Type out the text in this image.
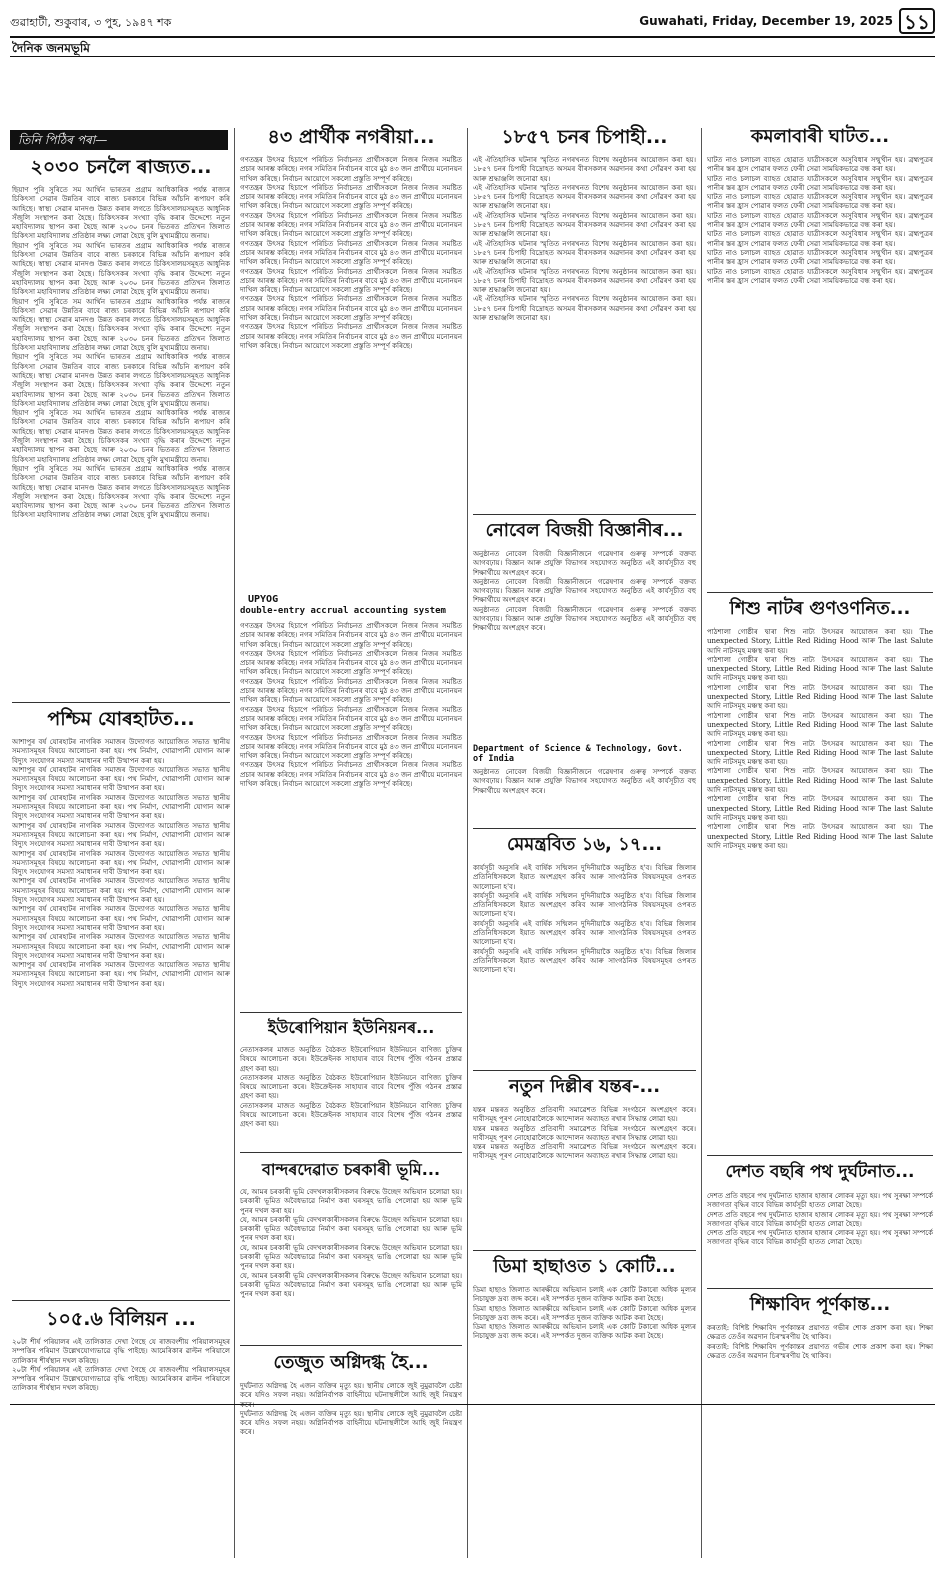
গুৱাহাটী, শুকুবাৰ, ৩ পুহ, ১৯৪৭ শক	Guwahati, Friday, December 19, 2025 ১১
দৈনিক জনমভূমি
তিনি পিঠিৰ পৰা—
২০৩০ চনলৈ ৰাজ্যত...
ছিয়াণ পুৰি সুৰিতে সম আৰ্থিন ভাৰতৰ প্ৰগ্ৰাম আধিকাৰিক পৰ্যন্ত ৰাজ্যৰ চিকিৎসা সেৱাৰ উন্নতিৰ বাবে ৰাজ্য চৰকাৰে বিভিন্ন আঁচনি ৰূপায়ণ কৰি আহিছে। স্বাস্থ্য সেৱাৰ মানদণ্ড উন্নত কৰাৰ লগতে চিকিৎসালয়সমূহত আধুনিক সঁজুলি সংস্থাপন কৰা হৈছে। চিকিৎসকৰ সংখ্যা বৃদ্ধি কৰাৰ উদ্দেশ্যে নতুন মহাবিদ্যালয় স্থাপন কৰা হৈছে আৰু ২০৩০ চনৰ ভিতৰত প্ৰতিখন জিলাত চিকিৎসা মহাবিদ্যালয় প্ৰতিষ্ঠাৰ লক্ষ্য লোৱা হৈছে বুলি মুখ্যমন্ত্ৰীয়ে জনায়।
ছিয়াণ পুৰি সুৰিতে সম আৰ্থিন ভাৰতৰ প্ৰগ্ৰাম আধিকাৰিক পৰ্যন্ত ৰাজ্যৰ চিকিৎসা সেৱাৰ উন্নতিৰ বাবে ৰাজ্য চৰকাৰে বিভিন্ন আঁচনি ৰূপায়ণ কৰি আহিছে। স্বাস্থ্য সেৱাৰ মানদণ্ড উন্নত কৰাৰ লগতে চিকিৎসালয়সমূহত আধুনিক সঁজুলি সংস্থাপন কৰা হৈছে। চিকিৎসকৰ সংখ্যা বৃদ্ধি কৰাৰ উদ্দেশ্যে নতুন মহাবিদ্যালয় স্থাপন কৰা হৈছে আৰু ২০৩০ চনৰ ভিতৰত প্ৰতিখন জিলাত চিকিৎসা মহাবিদ্যালয় প্ৰতিষ্ঠাৰ লক্ষ্য লোৱা হৈছে বুলি মুখ্যমন্ত্ৰীয়ে জনায়।
ছিয়াণ পুৰি সুৰিতে সম আৰ্থিন ভাৰতৰ প্ৰগ্ৰাম আধিকাৰিক পৰ্যন্ত ৰাজ্যৰ চিকিৎসা সেৱাৰ উন্নতিৰ বাবে ৰাজ্য চৰকাৰে বিভিন্ন আঁচনি ৰূপায়ণ কৰি আহিছে। স্বাস্থ্য সেৱাৰ মানদণ্ড উন্নত কৰাৰ লগতে চিকিৎসালয়সমূহত আধুনিক সঁজুলি সংস্থাপন কৰা হৈছে। চিকিৎসকৰ সংখ্যা বৃদ্ধি কৰাৰ উদ্দেশ্যে নতুন মহাবিদ্যালয় স্থাপন কৰা হৈছে আৰু ২০৩০ চনৰ ভিতৰত প্ৰতিখন জিলাত চিকিৎসা মহাবিদ্যালয় প্ৰতিষ্ঠাৰ লক্ষ্য লোৱা হৈছে বুলি মুখ্যমন্ত্ৰীয়ে জনায়।
ছিয়াণ পুৰি সুৰিতে সম আৰ্থিন ভাৰতৰ প্ৰগ্ৰাম আধিকাৰিক পৰ্যন্ত ৰাজ্যৰ চিকিৎসা সেৱাৰ উন্নতিৰ বাবে ৰাজ্য চৰকাৰে বিভিন্ন আঁচনি ৰূপায়ণ কৰি আহিছে। স্বাস্থ্য সেৱাৰ মানদণ্ড উন্নত কৰাৰ লগতে চিকিৎসালয়সমূহত আধুনিক সঁজুলি সংস্থাপন কৰা হৈছে। চিকিৎসকৰ সংখ্যা বৃদ্ধি কৰাৰ উদ্দেশ্যে নতুন মহাবিদ্যালয় স্থাপন কৰা হৈছে আৰু ২০৩০ চনৰ ভিতৰত প্ৰতিখন জিলাত চিকিৎসা মহাবিদ্যালয় প্ৰতিষ্ঠাৰ লক্ষ্য লোৱা হৈছে বুলি মুখ্যমন্ত্ৰীয়ে জনায়।
ছিয়াণ পুৰি সুৰিতে সম আৰ্থিন ভাৰতৰ প্ৰগ্ৰাম আধিকাৰিক পৰ্যন্ত ৰাজ্যৰ চিকিৎসা সেৱাৰ উন্নতিৰ বাবে ৰাজ্য চৰকাৰে বিভিন্ন আঁচনি ৰূপায়ণ কৰি আহিছে। স্বাস্থ্য সেৱাৰ মানদণ্ড উন্নত কৰাৰ লগতে চিকিৎসালয়সমূহত আধুনিক সঁজুলি সংস্থাপন কৰা হৈছে। চিকিৎসকৰ সংখ্যা বৃদ্ধি কৰাৰ উদ্দেশ্যে নতুন মহাবিদ্যালয় স্থাপন কৰা হৈছে আৰু ২০৩০ চনৰ ভিতৰত প্ৰতিখন জিলাত চিকিৎসা মহাবিদ্যালয় প্ৰতিষ্ঠাৰ লক্ষ্য লোৱা হৈছে বুলি মুখ্যমন্ত্ৰীয়ে জনায়।
ছিয়াণ পুৰি সুৰিতে সম আৰ্থিন ভাৰতৰ প্ৰগ্ৰাম আধিকাৰিক পৰ্যন্ত ৰাজ্যৰ চিকিৎসা সেৱাৰ উন্নতিৰ বাবে ৰাজ্য চৰকাৰে বিভিন্ন আঁচনি ৰূপায়ণ কৰি আহিছে। স্বাস্থ্য সেৱাৰ মানদণ্ড উন্নত কৰাৰ লগতে চিকিৎসালয়সমূহত আধুনিক সঁজুলি সংস্থাপন কৰা হৈছে। চিকিৎসকৰ সংখ্যা বৃদ্ধি কৰাৰ উদ্দেশ্যে নতুন মহাবিদ্যালয় স্থাপন কৰা হৈছে আৰু ২০৩০ চনৰ ভিতৰত প্ৰতিখন জিলাত চিকিৎসা মহাবিদ্যালয় প্ৰতিষ্ঠাৰ লক্ষ্য লোৱা হৈছে বুলি মুখ্যমন্ত্ৰীয়ে জনায়।
পশ্চিম যোৰহাটত...
আশাপুৰ বৰ্ষ যোৰহাটৰ নাগৰিক সমাজৰ উদ্যোগত আয়োজিত সভাত স্থানীয় সমস্যাসমূহৰ বিষয়ে আলোচনা কৰা হয়। পথ নিৰ্মাণ, খোৱাপানী যোগান আৰু বিদ্যুৎ সংযোগৰ সমস্যা সমাধানৰ দাবী উত্থাপন কৰা হয়।
আশাপুৰ বৰ্ষ যোৰহাটৰ নাগৰিক সমাজৰ উদ্যোগত আয়োজিত সভাত স্থানীয় সমস্যাসমূহৰ বিষয়ে আলোচনা কৰা হয়। পথ নিৰ্মাণ, খোৱাপানী যোগান আৰু বিদ্যুৎ সংযোগৰ সমস্যা সমাধানৰ দাবী উত্থাপন কৰা হয়।
আশাপুৰ বৰ্ষ যোৰহাটৰ নাগৰিক সমাজৰ উদ্যোগত আয়োজিত সভাত স্থানীয় সমস্যাসমূহৰ বিষয়ে আলোচনা কৰা হয়। পথ নিৰ্মাণ, খোৱাপানী যোগান আৰু বিদ্যুৎ সংযোগৰ সমস্যা সমাধানৰ দাবী উত্থাপন কৰা হয়।
আশাপুৰ বৰ্ষ যোৰহাটৰ নাগৰিক সমাজৰ উদ্যোগত আয়োজিত সভাত স্থানীয় সমস্যাসমূহৰ বিষয়ে আলোচনা কৰা হয়। পথ নিৰ্মাণ, খোৱাপানী যোগান আৰু বিদ্যুৎ সংযোগৰ সমস্যা সমাধানৰ দাবী উত্থাপন কৰা হয়।
আশাপুৰ বৰ্ষ যোৰহাটৰ নাগৰিক সমাজৰ উদ্যোগত আয়োজিত সভাত স্থানীয় সমস্যাসমূহৰ বিষয়ে আলোচনা কৰা হয়। পথ নিৰ্মাণ, খোৱাপানী যোগান আৰু বিদ্যুৎ সংযোগৰ সমস্যা সমাধানৰ দাবী উত্থাপন কৰা হয়।
আশাপুৰ বৰ্ষ যোৰহাটৰ নাগৰিক সমাজৰ উদ্যোগত আয়োজিত সভাত স্থানীয় সমস্যাসমূহৰ বিষয়ে আলোচনা কৰা হয়। পথ নিৰ্মাণ, খোৱাপানী যোগান আৰু বিদ্যুৎ সংযোগৰ সমস্যা সমাধানৰ দাবী উত্থাপন কৰা হয়।
আশাপুৰ বৰ্ষ যোৰহাটৰ নাগৰিক সমাজৰ উদ্যোগত আয়োজিত সভাত স্থানীয় সমস্যাসমূহৰ বিষয়ে আলোচনা কৰা হয়। পথ নিৰ্মাণ, খোৱাপানী যোগান আৰু বিদ্যুৎ সংযোগৰ সমস্যা সমাধানৰ দাবী উত্থাপন কৰা হয়।
আশাপুৰ বৰ্ষ যোৰহাটৰ নাগৰিক সমাজৰ উদ্যোগত আয়োজিত সভাত স্থানীয় সমস্যাসমূহৰ বিষয়ে আলোচনা কৰা হয়। পথ নিৰ্মাণ, খোৱাপানী যোগান আৰু বিদ্যুৎ সংযোগৰ সমস্যা সমাধানৰ দাবী উত্থাপন কৰা হয়।
আশাপুৰ বৰ্ষ যোৰহাটৰ নাগৰিক সমাজৰ উদ্যোগত আয়োজিত সভাত স্থানীয় সমস্যাসমূহৰ বিষয়ে আলোচনা কৰা হয়। পথ নিৰ্মাণ, খোৱাপানী যোগান আৰু বিদ্যুৎ সংযোগৰ সমস্যা সমাধানৰ দাবী উত্থাপন কৰা হয়।
১০৫.৬ বিলিয়ন ...
২০টা শীৰ্ষ পৰিয়ালৰ এই তালিকাত দেখা গৈছে যে ৰাজবংশীয় পৰিয়ালসমূহৰ সম্পত্তিৰ পৰিমাণ উল্লেখযোগ্যভাৱে বৃদ্ধি পাইছে। আমেৰিকাৰ ৱাল্টন পৰিয়ালে তালিকাৰ শীৰ্ষস্থান দখল কৰিছে।
২০টা শীৰ্ষ পৰিয়ালৰ এই তালিকাত দেখা গৈছে যে ৰাজবংশীয় পৰিয়ালসমূহৰ সম্পত্তিৰ পৰিমাণ উল্লেখযোগ্যভাৱে বৃদ্ধি পাইছে। আমেৰিকাৰ ৱাল্টন পৰিয়ালে তালিকাৰ শীৰ্ষস্থান দখল কৰিছে।
৪৩ প্ৰাৰ্থীক নগৰীয়া...
গণতন্ত্ৰৰ উৎসৱ হিচাপে পৰিচিত নিৰ্বাচনত প্ৰাৰ্থীসকলে নিজৰ নিজৰ সমষ্টিত প্ৰচাৰ আৰম্ভ কৰিছে। নগৰ সমিতিৰ নিৰ্বাচনৰ বাবে মুঠ ৪৩ জন প্ৰাৰ্থীয়ে মনোনয়ন দাখিল কৰিছে। নিৰ্বাচন আয়োগে সকলো প্ৰস্তুতি সম্পূৰ্ণ কৰিছে।
গণতন্ত্ৰৰ উৎসৱ হিচাপে পৰিচিত নিৰ্বাচনত প্ৰাৰ্থীসকলে নিজৰ নিজৰ সমষ্টিত প্ৰচাৰ আৰম্ভ কৰিছে। নগৰ সমিতিৰ নিৰ্বাচনৰ বাবে মুঠ ৪৩ জন প্ৰাৰ্থীয়ে মনোনয়ন দাখিল কৰিছে। নিৰ্বাচন আয়োগে সকলো প্ৰস্তুতি সম্পূৰ্ণ কৰিছে।
গণতন্ত্ৰৰ উৎসৱ হিচাপে পৰিচিত নিৰ্বাচনত প্ৰাৰ্থীসকলে নিজৰ নিজৰ সমষ্টিত প্ৰচাৰ আৰম্ভ কৰিছে। নগৰ সমিতিৰ নিৰ্বাচনৰ বাবে মুঠ ৪৩ জন প্ৰাৰ্থীয়ে মনোনয়ন দাখিল কৰিছে। নিৰ্বাচন আয়োগে সকলো প্ৰস্তুতি সম্পূৰ্ণ কৰিছে।
গণতন্ত্ৰৰ উৎসৱ হিচাপে পৰিচিত নিৰ্বাচনত প্ৰাৰ্থীসকলে নিজৰ নিজৰ সমষ্টিত প্ৰচাৰ আৰম্ভ কৰিছে। নগৰ সমিতিৰ নিৰ্বাচনৰ বাবে মুঠ ৪৩ জন প্ৰাৰ্থীয়ে মনোনয়ন দাখিল কৰিছে। নিৰ্বাচন আয়োগে সকলো প্ৰস্তুতি সম্পূৰ্ণ কৰিছে।
গণতন্ত্ৰৰ উৎসৱ হিচাপে পৰিচিত নিৰ্বাচনত প্ৰাৰ্থীসকলে নিজৰ নিজৰ সমষ্টিত প্ৰচাৰ আৰম্ভ কৰিছে। নগৰ সমিতিৰ নিৰ্বাচনৰ বাবে মুঠ ৪৩ জন প্ৰাৰ্থীয়ে মনোনয়ন দাখিল কৰিছে। নিৰ্বাচন আয়োগে সকলো প্ৰস্তুতি সম্পূৰ্ণ কৰিছে।
গণতন্ত্ৰৰ উৎসৱ হিচাপে পৰিচিত নিৰ্বাচনত প্ৰাৰ্থীসকলে নিজৰ নিজৰ সমষ্টিত প্ৰচাৰ আৰম্ভ কৰিছে। নগৰ সমিতিৰ নিৰ্বাচনৰ বাবে মুঠ ৪৩ জন প্ৰাৰ্থীয়ে মনোনয়ন দাখিল কৰিছে। নিৰ্বাচন আয়োগে সকলো প্ৰস্তুতি সম্পূৰ্ণ কৰিছে।
গণতন্ত্ৰৰ উৎসৱ হিচাপে পৰিচিত নিৰ্বাচনত প্ৰাৰ্থীসকলে নিজৰ নিজৰ সমষ্টিত প্ৰচাৰ আৰম্ভ কৰিছে। নগৰ সমিতিৰ নিৰ্বাচনৰ বাবে মুঠ ৪৩ জন প্ৰাৰ্থীয়ে মনোনয়ন দাখিল কৰিছে। নিৰ্বাচন আয়োগে সকলো প্ৰস্তুতি সম্পূৰ্ণ কৰিছে।
UPYOG
double-entry accrual accounting system
গণতন্ত্ৰৰ উৎসৱ হিচাপে পৰিচিত নিৰ্বাচনত প্ৰাৰ্থীসকলে নিজৰ নিজৰ সমষ্টিত প্ৰচাৰ আৰম্ভ কৰিছে। নগৰ সমিতিৰ নিৰ্বাচনৰ বাবে মুঠ ৪৩ জন প্ৰাৰ্থীয়ে মনোনয়ন দাখিল কৰিছে। নিৰ্বাচন আয়োগে সকলো প্ৰস্তুতি সম্পূৰ্ণ কৰিছে।
গণতন্ত্ৰৰ উৎসৱ হিচাপে পৰিচিত নিৰ্বাচনত প্ৰাৰ্থীসকলে নিজৰ নিজৰ সমষ্টিত প্ৰচাৰ আৰম্ভ কৰিছে। নগৰ সমিতিৰ নিৰ্বাচনৰ বাবে মুঠ ৪৩ জন প্ৰাৰ্থীয়ে মনোনয়ন দাখিল কৰিছে। নিৰ্বাচন আয়োগে সকলো প্ৰস্তুতি সম্পূৰ্ণ কৰিছে।
গণতন্ত্ৰৰ উৎসৱ হিচাপে পৰিচিত নিৰ্বাচনত প্ৰাৰ্থীসকলে নিজৰ নিজৰ সমষ্টিত প্ৰচাৰ আৰম্ভ কৰিছে। নগৰ সমিতিৰ নিৰ্বাচনৰ বাবে মুঠ ৪৩ জন প্ৰাৰ্থীয়ে মনোনয়ন দাখিল কৰিছে। নিৰ্বাচন আয়োগে সকলো প্ৰস্তুতি সম্পূৰ্ণ কৰিছে।
গণতন্ত্ৰৰ উৎসৱ হিচাপে পৰিচিত নিৰ্বাচনত প্ৰাৰ্থীসকলে নিজৰ নিজৰ সমষ্টিত প্ৰচাৰ আৰম্ভ কৰিছে। নগৰ সমিতিৰ নিৰ্বাচনৰ বাবে মুঠ ৪৩ জন প্ৰাৰ্থীয়ে মনোনয়ন দাখিল কৰিছে। নিৰ্বাচন আয়োগে সকলো প্ৰস্তুতি সম্পূৰ্ণ কৰিছে।
গণতন্ত্ৰৰ উৎসৱ হিচাপে পৰিচিত নিৰ্বাচনত প্ৰাৰ্থীসকলে নিজৰ নিজৰ সমষ্টিত প্ৰচাৰ আৰম্ভ কৰিছে। নগৰ সমিতিৰ নিৰ্বাচনৰ বাবে মুঠ ৪৩ জন প্ৰাৰ্থীয়ে মনোনয়ন দাখিল কৰিছে। নিৰ্বাচন আয়োগে সকলো প্ৰস্তুতি সম্পূৰ্ণ কৰিছে।
গণতন্ত্ৰৰ উৎসৱ হিচাপে পৰিচিত নিৰ্বাচনত প্ৰাৰ্থীসকলে নিজৰ নিজৰ সমষ্টিত প্ৰচাৰ আৰম্ভ কৰিছে। নগৰ সমিতিৰ নিৰ্বাচনৰ বাবে মুঠ ৪৩ জন প্ৰাৰ্থীয়ে মনোনয়ন দাখিল কৰিছে। নিৰ্বাচন আয়োগে সকলো প্ৰস্তুতি সম্পূৰ্ণ কৰিছে।
ইউৰোপিয়ান ইউনিয়নৰ...
নেতাসকলৰ মাজত অনুষ্ঠিত বৈঠকত ইউৰোপিয়ান ইউনিয়নে বাণিজ্য চুক্তিৰ বিষয়ে আলোচনা কৰে। ইউক্ৰেইনক সাহায্যৰ বাবে বিশেষ পুঁজি গঠনৰ প্ৰস্তাৱ গ্ৰহণ কৰা হয়।
নেতাসকলৰ মাজত অনুষ্ঠিত বৈঠকত ইউৰোপিয়ান ইউনিয়নে বাণিজ্য চুক্তিৰ বিষয়ে আলোচনা কৰে। ইউক্ৰেইনক সাহায্যৰ বাবে বিশেষ পুঁজি গঠনৰ প্ৰস্তাৱ গ্ৰহণ কৰা হয়।
নেতাসকলৰ মাজত অনুষ্ঠিত বৈঠকত ইউৰোপিয়ান ইউনিয়নে বাণিজ্য চুক্তিৰ বিষয়ে আলোচনা কৰে। ইউক্ৰেইনক সাহায্যৰ বাবে বিশেষ পুঁজি গঠনৰ প্ৰস্তাৱ গ্ৰহণ কৰা হয়।
বান্দৰদেৱাত চৰকাৰী ভূমি...
যে, আমৰ চৰকাৰী ভূমি বেদখলকাৰীসকলৰ বিৰুদ্ধে উচ্ছেদ অভিযান চলোৱা হয়। চৰকাৰী ভূমিত অবৈধভাৱে নিৰ্মাণ কৰা ঘৰসমূহ ভাঙি পেলোৱা হয় আৰু ভূমি পুনৰ দখল কৰা হয়।
যে, আমৰ চৰকাৰী ভূমি বেদখলকাৰীসকলৰ বিৰুদ্ধে উচ্ছেদ অভিযান চলোৱা হয়। চৰকাৰী ভূমিত অবৈধভাৱে নিৰ্মাণ কৰা ঘৰসমূহ ভাঙি পেলোৱা হয় আৰু ভূমি পুনৰ দখল কৰা হয়।
যে, আমৰ চৰকাৰী ভূমি বেদখলকাৰীসকলৰ বিৰুদ্ধে উচ্ছেদ অভিযান চলোৱা হয়। চৰকাৰী ভূমিত অবৈধভাৱে নিৰ্মাণ কৰা ঘৰসমূহ ভাঙি পেলোৱা হয় আৰু ভূমি পুনৰ দখল কৰা হয়।
যে, আমৰ চৰকাৰী ভূমি বেদখলকাৰীসকলৰ বিৰুদ্ধে উচ্ছেদ অভিযান চলোৱা হয়। চৰকাৰী ভূমিত অবৈধভাৱে নিৰ্মাণ কৰা ঘৰসমূহ ভাঙি পেলোৱা হয় আৰু ভূমি পুনৰ দখল কৰা হয়।
তেজুত অগ্নিদগ্ধ হৈ...
দুৰ্ঘটনাত অগ্নিদগ্ধ হৈ এজন ব্যক্তিৰ মৃত্যু হয়। স্থানীয় লোকে জুই নুমুৱাবলৈ চেষ্টা কৰে যদিও সফল নহয়। অগ্নিনিৰ্বাপক বাহিনীয়ে ঘটনাস্থলীলৈ আহি জুই নিয়ন্ত্ৰণ কৰে।
দুৰ্ঘটনাত অগ্নিদগ্ধ হৈ এজন ব্যক্তিৰ মৃত্যু হয়। স্থানীয় লোকে জুই নুমুৱাবলৈ চেষ্টা কৰে যদিও সফল নহয়। অগ্নিনিৰ্বাপক বাহিনীয়ে ঘটনাস্থলীলৈ আহি জুই নিয়ন্ত্ৰণ কৰে।
১৮৫৭ চনৰ চিপাহী...
এই ঐতিহাসিক ঘটনাৰ স্মৃতিত নগৰখনত বিশেষ অনুষ্ঠানৰ আয়োজন কৰা হয়। ১৮৫৭ চনৰ চিপাহী বিদ্ৰোহত অসমৰ বীৰসকলৰ অৱদানৰ কথা সোঁৱৰণ কৰা হয় আৰু শ্ৰদ্ধাঞ্জলি জনোৱা হয়।
এই ঐতিহাসিক ঘটনাৰ স্মৃতিত নগৰখনত বিশেষ অনুষ্ঠানৰ আয়োজন কৰা হয়। ১৮৫৭ চনৰ চিপাহী বিদ্ৰোহত অসমৰ বীৰসকলৰ অৱদানৰ কথা সোঁৱৰণ কৰা হয় আৰু শ্ৰদ্ধাঞ্জলি জনোৱা হয়।
এই ঐতিহাসিক ঘটনাৰ স্মৃতিত নগৰখনত বিশেষ অনুষ্ঠানৰ আয়োজন কৰা হয়। ১৮৫৭ চনৰ চিপাহী বিদ্ৰোহত অসমৰ বীৰসকলৰ অৱদানৰ কথা সোঁৱৰণ কৰা হয় আৰু শ্ৰদ্ধাঞ্জলি জনোৱা হয়।
এই ঐতিহাসিক ঘটনাৰ স্মৃতিত নগৰখনত বিশেষ অনুষ্ঠানৰ আয়োজন কৰা হয়। ১৮৫৭ চনৰ চিপাহী বিদ্ৰোহত অসমৰ বীৰসকলৰ অৱদানৰ কথা সোঁৱৰণ কৰা হয় আৰু শ্ৰদ্ধাঞ্জলি জনোৱা হয়।
এই ঐতিহাসিক ঘটনাৰ স্মৃতিত নগৰখনত বিশেষ অনুষ্ঠানৰ আয়োজন কৰা হয়। ১৮৫৭ চনৰ চিপাহী বিদ্ৰোহত অসমৰ বীৰসকলৰ অৱদানৰ কথা সোঁৱৰণ কৰা হয় আৰু শ্ৰদ্ধাঞ্জলি জনোৱা হয়।
এই ঐতিহাসিক ঘটনাৰ স্মৃতিত নগৰখনত বিশেষ অনুষ্ঠানৰ আয়োজন কৰা হয়। ১৮৫৭ চনৰ চিপাহী বিদ্ৰোহত অসমৰ বীৰসকলৰ অৱদানৰ কথা সোঁৱৰণ কৰা হয় আৰু শ্ৰদ্ধাঞ্জলি জনোৱা হয়।
নোবেল বিজয়ী বিজ্ঞানীৰ...
অনুষ্ঠানত নোবেল বিজয়ী বিজ্ঞানীজনে গৱেষণাৰ গুৰুত্ব সম্পৰ্কে বক্তব্য আগবঢ়ায়। বিজ্ঞান আৰু প্ৰযুক্তি বিভাগৰ সহযোগত অনুষ্ঠিত এই কাৰ্যসূচীত বহু শিক্ষাৰ্থীয়ে অংশগ্ৰহণ কৰে।
অনুষ্ঠানত নোবেল বিজয়ী বিজ্ঞানীজনে গৱেষণাৰ গুৰুত্ব সম্পৰ্কে বক্তব্য আগবঢ়ায়। বিজ্ঞান আৰু প্ৰযুক্তি বিভাগৰ সহযোগত অনুষ্ঠিত এই কাৰ্যসূচীত বহু শিক্ষাৰ্থীয়ে অংশগ্ৰহণ কৰে।
অনুষ্ঠানত নোবেল বিজয়ী বিজ্ঞানীজনে গৱেষণাৰ গুৰুত্ব সম্পৰ্কে বক্তব্য আগবঢ়ায়। বিজ্ঞান আৰু প্ৰযুক্তি বিভাগৰ সহযোগত অনুষ্ঠিত এই কাৰ্যসূচীত বহু শিক্ষাৰ্থীয়ে অংশগ্ৰহণ কৰে।
Department of Science & Technology, Govt. of India
অনুষ্ঠানত নোবেল বিজয়ী বিজ্ঞানীজনে গৱেষণাৰ গুৰুত্ব সম্পৰ্কে বক্তব্য আগবঢ়ায়। বিজ্ঞান আৰু প্ৰযুক্তি বিভাগৰ সহযোগত অনুষ্ঠিত এই কাৰ্যসূচীত বহু শিক্ষাৰ্থীয়ে অংশগ্ৰহণ কৰে।
মেমন্ত্ৰবিত ১৬, ১৭...
কাৰ্যসূচী অনুসৰি এই বাৰ্ষিক সন্মিলন দুদিনীয়াকৈ অনুষ্ঠিত হ'ব। বিভিন্ন জিলাৰ প্ৰতিনিধিসকলে ইয়াত অংশগ্ৰহণ কৰিব আৰু সাংগঠনিক বিষয়সমূহৰ ওপৰত আলোচনা হ'ব।
কাৰ্যসূচী অনুসৰি এই বাৰ্ষিক সন্মিলন দুদিনীয়াকৈ অনুষ্ঠিত হ'ব। বিভিন্ন জিলাৰ প্ৰতিনিধিসকলে ইয়াত অংশগ্ৰহণ কৰিব আৰু সাংগঠনিক বিষয়সমূহৰ ওপৰত আলোচনা হ'ব।
কাৰ্যসূচী অনুসৰি এই বাৰ্ষিক সন্মিলন দুদিনীয়াকৈ অনুষ্ঠিত হ'ব। বিভিন্ন জিলাৰ প্ৰতিনিধিসকলে ইয়াত অংশগ্ৰহণ কৰিব আৰু সাংগঠনিক বিষয়সমূহৰ ওপৰত আলোচনা হ'ব।
কাৰ্যসূচী অনুসৰি এই বাৰ্ষিক সন্মিলন দুদিনীয়াকৈ অনুষ্ঠিত হ'ব। বিভিন্ন জিলাৰ প্ৰতিনিধিসকলে ইয়াত অংশগ্ৰহণ কৰিব আৰু সাংগঠনিক বিষয়সমূহৰ ওপৰত আলোচনা হ'ব।
নতুন দিল্লীৰ যন্তৰ-...
যন্তৰ মন্তৰত অনুষ্ঠিত প্ৰতিবাদী সমাৱেশত বিভিন্ন সংগঠনে অংশগ্ৰহণ কৰে। দাবীসমূহ পূৰণ নোহোৱালৈকে আন্দোলন অব্যাহত ৰখাৰ সিদ্ধান্ত লোৱা হয়।
যন্তৰ মন্তৰত অনুষ্ঠিত প্ৰতিবাদী সমাৱেশত বিভিন্ন সংগঠনে অংশগ্ৰহণ কৰে। দাবীসমূহ পূৰণ নোহোৱালৈকে আন্দোলন অব্যাহত ৰখাৰ সিদ্ধান্ত লোৱা হয়।
যন্তৰ মন্তৰত অনুষ্ঠিত প্ৰতিবাদী সমাৱেশত বিভিন্ন সংগঠনে অংশগ্ৰহণ কৰে। দাবীসমূহ পূৰণ নোহোৱালৈকে আন্দোলন অব্যাহত ৰখাৰ সিদ্ধান্ত লোৱা হয়।
ডিমা হাছাওত ১ কোটি...
ডিমা হাছাও জিলাত আৰক্ষীয়ে অভিযান চলাই এক কোটি টকাৰো অধিক মূল্যৰ নিচাযুক্ত দ্ৰব্য জব্দ কৰে। এই সম্পৰ্কত দুজন ব্যক্তিক আটক কৰা হৈছে।
ডিমা হাছাও জিলাত আৰক্ষীয়ে অভিযান চলাই এক কোটি টকাৰো অধিক মূল্যৰ নিচাযুক্ত দ্ৰব্য জব্দ কৰে। এই সম্পৰ্কত দুজন ব্যক্তিক আটক কৰা হৈছে।
ডিমা হাছাও জিলাত আৰক্ষীয়ে অভিযান চলাই এক কোটি টকাৰো অধিক মূল্যৰ নিচাযুক্ত দ্ৰব্য জব্দ কৰে। এই সম্পৰ্কত দুজন ব্যক্তিক আটক কৰা হৈছে।
কমলাবাৰী ঘাটত...
ঘাটত নাও চলাচল ব্যাহত হোৱাত যাত্ৰীসকলে অসুবিধাৰ সন্মুখীন হয়। ব্ৰহ্মপুত্ৰৰ পানীৰ স্তৰ হ্ৰাস পোৱাৰ ফলত ফেৰী সেৱা সাময়িকভাৱে বন্ধ কৰা হয়।
ঘাটত নাও চলাচল ব্যাহত হোৱাত যাত্ৰীসকলে অসুবিধাৰ সন্মুখীন হয়। ব্ৰহ্মপুত্ৰৰ পানীৰ স্তৰ হ্ৰাস পোৱাৰ ফলত ফেৰী সেৱা সাময়িকভাৱে বন্ধ কৰা হয়।
ঘাটত নাও চলাচল ব্যাহত হোৱাত যাত্ৰীসকলে অসুবিধাৰ সন্মুখীন হয়। ব্ৰহ্মপুত্ৰৰ পানীৰ স্তৰ হ্ৰাস পোৱাৰ ফলত ফেৰী সেৱা সাময়িকভাৱে বন্ধ কৰা হয়।
ঘাটত নাও চলাচল ব্যাহত হোৱাত যাত্ৰীসকলে অসুবিধাৰ সন্মুখীন হয়। ব্ৰহ্মপুত্ৰৰ পানীৰ স্তৰ হ্ৰাস পোৱাৰ ফলত ফেৰী সেৱা সাময়িকভাৱে বন্ধ কৰা হয়।
ঘাটত নাও চলাচল ব্যাহত হোৱাত যাত্ৰীসকলে অসুবিধাৰ সন্মুখীন হয়। ব্ৰহ্মপুত্ৰৰ পানীৰ স্তৰ হ্ৰাস পোৱাৰ ফলত ফেৰী সেৱা সাময়িকভাৱে বন্ধ কৰা হয়।
ঘাটত নাও চলাচল ব্যাহত হোৱাত যাত্ৰীসকলে অসুবিধাৰ সন্মুখীন হয়। ব্ৰহ্মপুত্ৰৰ পানীৰ স্তৰ হ্ৰাস পোৱাৰ ফলত ফেৰী সেৱা সাময়িকভাৱে বন্ধ কৰা হয়।
ঘাটত নাও চলাচল ব্যাহত হোৱাত যাত্ৰীসকলে অসুবিধাৰ সন্মুখীন হয়। ব্ৰহ্মপুত্ৰৰ পানীৰ স্তৰ হ্ৰাস পোৱাৰ ফলত ফেৰী সেৱা সাময়িকভাৱে বন্ধ কৰা হয়।
শিশু নাটৰ গুণওণনিত...
পাঠশালা গোষ্ঠীৰ দ্বাৰা শিশু নাট্য উৎসৱৰ আয়োজন কৰা হয়। The unexpected Story, Little Red Riding Hood আৰু The last Salute আদি নাটসমূহ মঞ্চস্থ কৰা হয়।
পাঠশালা গোষ্ঠীৰ দ্বাৰা শিশু নাট্য উৎসৱৰ আয়োজন কৰা হয়। The unexpected Story, Little Red Riding Hood আৰু The last Salute আদি নাটসমূহ মঞ্চস্থ কৰা হয়।
পাঠশালা গোষ্ঠীৰ দ্বাৰা শিশু নাট্য উৎসৱৰ আয়োজন কৰা হয়। The unexpected Story, Little Red Riding Hood আৰু The last Salute আদি নাটসমূহ মঞ্চস্থ কৰা হয়।
পাঠশালা গোষ্ঠীৰ দ্বাৰা শিশু নাট্য উৎসৱৰ আয়োজন কৰা হয়। The unexpected Story, Little Red Riding Hood আৰু The last Salute আদি নাটসমূহ মঞ্চস্থ কৰা হয়।
পাঠশালা গোষ্ঠীৰ দ্বাৰা শিশু নাট্য উৎসৱৰ আয়োজন কৰা হয়। The unexpected Story, Little Red Riding Hood আৰু The last Salute আদি নাটসমূহ মঞ্চস্থ কৰা হয়।
পাঠশালা গোষ্ঠীৰ দ্বাৰা শিশু নাট্য উৎসৱৰ আয়োজন কৰা হয়। The unexpected Story, Little Red Riding Hood আৰু The last Salute আদি নাটসমূহ মঞ্চস্থ কৰা হয়।
পাঠশালা গোষ্ঠীৰ দ্বাৰা শিশু নাট্য উৎসৱৰ আয়োজন কৰা হয়। The unexpected Story, Little Red Riding Hood আৰু The last Salute আদি নাটসমূহ মঞ্চস্থ কৰা হয়।
পাঠশালা গোষ্ঠীৰ দ্বাৰা শিশু নাট্য উৎসৱৰ আয়োজন কৰা হয়। The unexpected Story, Little Red Riding Hood আৰু The last Salute আদি নাটসমূহ মঞ্চস্থ কৰা হয়।
দেশত বছৰি পথ দুৰ্ঘটনাত...
দেশত প্ৰতি বছৰে পথ দুৰ্ঘটনাত হাজাৰ হাজাৰ লোকৰ মৃত্যু হয়। পথ সুৰক্ষা সম্পৰ্কে সজাগতা বৃদ্ধিৰ বাবে বিভিন্ন কাৰ্যসূচী হাতত লোৱা হৈছে।
দেশত প্ৰতি বছৰে পথ দুৰ্ঘটনাত হাজাৰ হাজাৰ লোকৰ মৃত্যু হয়। পথ সুৰক্ষা সম্পৰ্কে সজাগতা বৃদ্ধিৰ বাবে বিভিন্ন কাৰ্যসূচী হাতত লোৱা হৈছে।
দেশত প্ৰতি বছৰে পথ দুৰ্ঘটনাত হাজাৰ হাজাৰ লোকৰ মৃত্যু হয়। পথ সুৰক্ষা সম্পৰ্কে সজাগতা বৃদ্ধিৰ বাবে বিভিন্ন কাৰ্যসূচী হাতত লোৱা হৈছে।
শিক্ষাবিদ পূৰ্ণকান্ত...
কৰতাই: বিশিষ্ট শিক্ষাবিদ পূৰ্ণকান্তৰ প্ৰয়াণত গভীৰ শোক প্ৰকাশ কৰা হয়। শিক্ষা ক্ষেত্ৰত তেওঁৰ অৱদান চিৰস্মৰণীয় হৈ থাকিব।
কৰতাই: বিশিষ্ট শিক্ষাবিদ পূৰ্ণকান্তৰ প্ৰয়াণত গভীৰ শোক প্ৰকাশ কৰা হয়। শিক্ষা ক্ষেত্ৰত তেওঁৰ অৱদান চিৰস্মৰণীয় হৈ থাকিব।
